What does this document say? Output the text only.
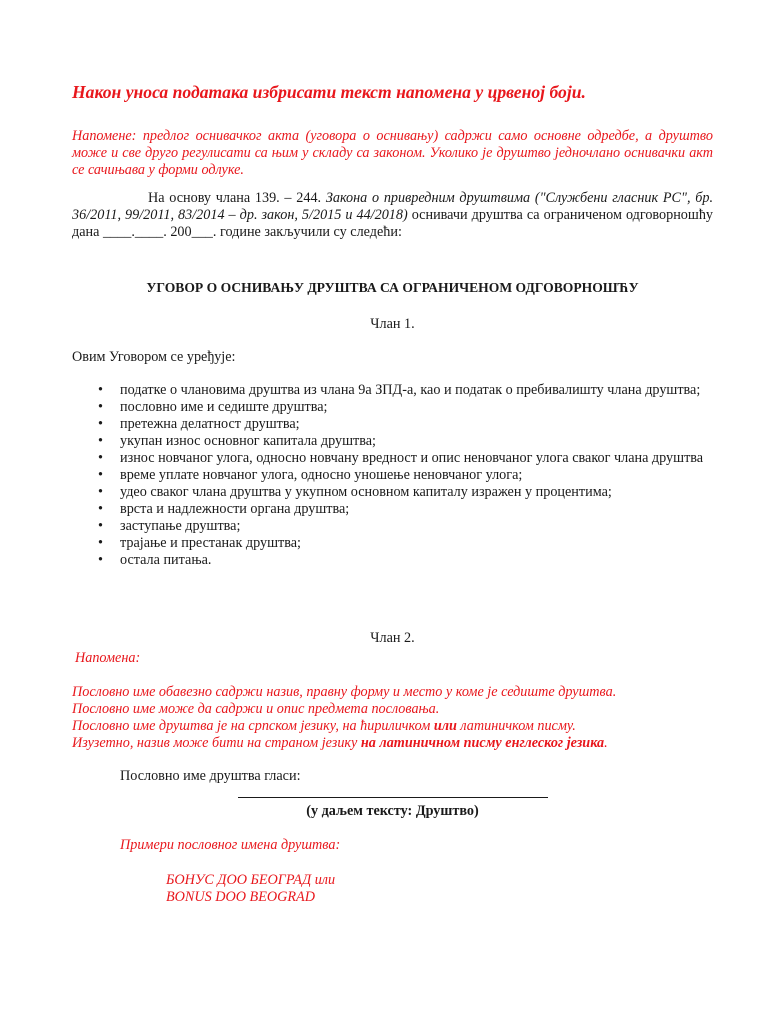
Након уноса података избрисати текст напомена у црвеној боји.
Напомене: предлог оснивачког акта (уговора о оснивању) садржи само основне одредбе, а друштво може и све друго регулисати са њим у складу са законом. Уколико је друштво једночлано оснивачки акт се сачињава у форми одлуке.
На основу члана 139. – 244. Закона о привредним друштвима ("Службени гласник РС", бр. 36/2011, 99/2011, 83/2014 – др. закон, 5/2015 и 44/2018) оснивачи друштва са ограниченом одговорношћу дана ____.____. 200___. године закључили су следећи:
УГОВОР О ОСНИВАЊУ ДРУШТВА СА ОГРАНИЧЕНОМ ОДГОВОРНОШЋУ
Члан 1.
Овим Уговором се уређује:
• податке о члановима друштва из члана 9а ЗПД-а, као и податак о пребивалишту члана друштва;
• пословно име и седиште друштва;
• претежна делатност друштва;
• укупан износ основног капитала друштва;
• износ новчаног улога, односно новчану вредност и опис неновчаног улога сваког члана друштва
• време уплате новчаног улога, односно уношење неновчаног улога;
• удео сваког члана друштва у укупном основном капиталу изражен у процентима;
• врста и надлежности органа друштва;
• заступање друштва;
• трајање и престанак друштва;
• остала питања.
Члан 2.
Напомена:
Пословно име обавезно садржи назив, правну форму и место у коме је седиште друштва.
Пословно име може да садржи и опис предмета пословања.
Пословно име друштва је на српском језику, на ћириличком или латиничком писму.
Изузетно, назив може бити на страном језику на латиничном писму енглеског језика.
Пословно име друштва гласи:
(у даљем тексту: Друштво)
Примери пословног имена друштва:
БОНУС ДОО БЕОГРАД или
BONUS DOO BEOGRAD
